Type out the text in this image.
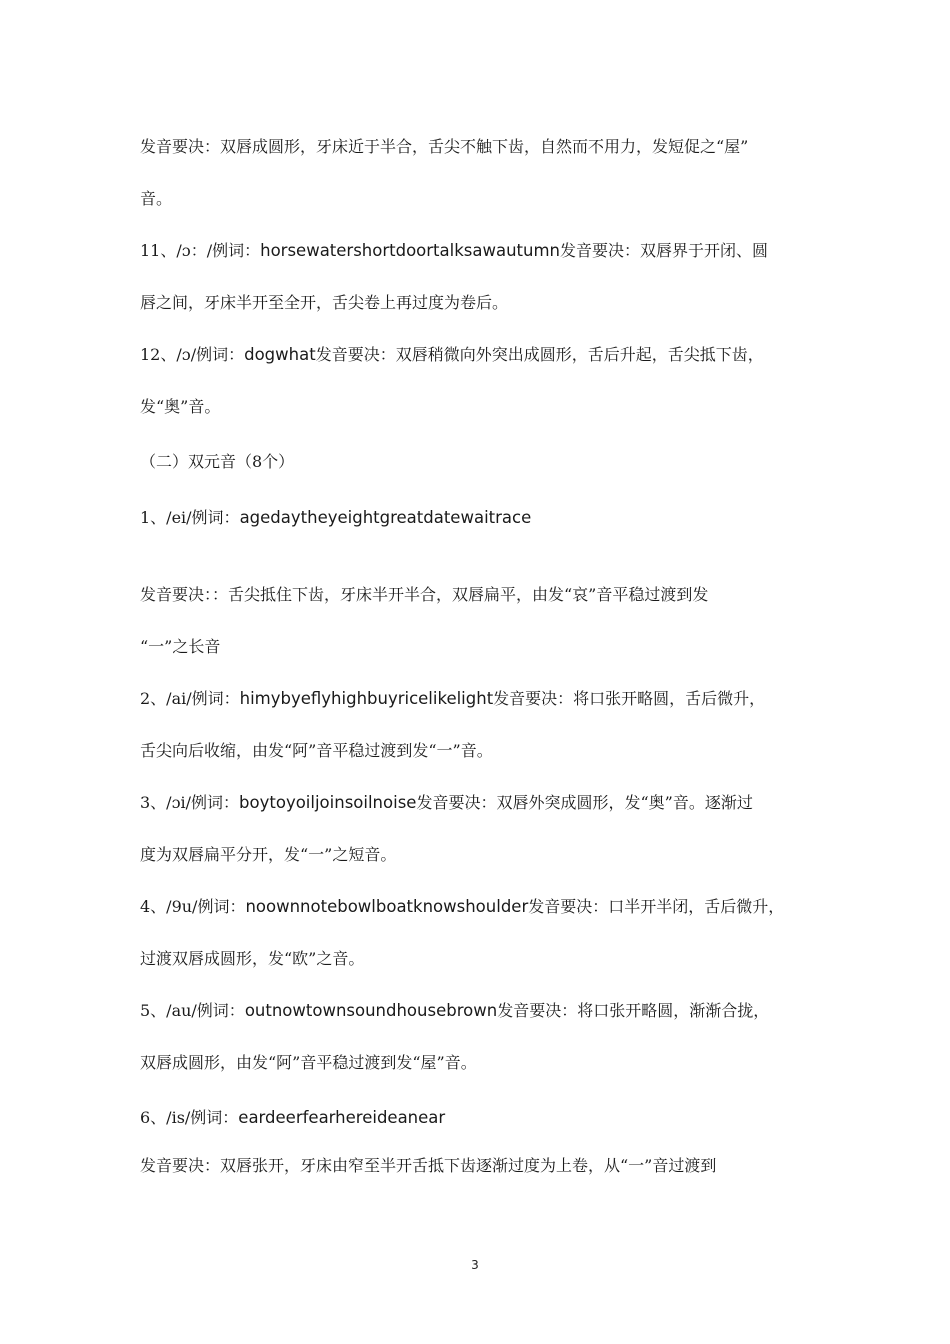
发音要决：双唇成圆形，牙床近于半合，舌尖不触下齿，自然而不用力，发短促之“屋”
音。
11、/ɔ：/例词：horsewatershortdoortalksawautumn发音要决：双唇界于开闭、圆
唇之间，牙床半开至全开，舌尖卷上再过度为卷后。
12、/ɔ/例词：dogwhat发音要决：双唇稍微向外突出成圆形，舌后升起，舌尖抵下齿，
发“奥”音。
（二）双元音（8个）
1、/ei/例词：agedaytheyeightgreatdatewaitrace
发音要决：：舌尖抵住下齿，牙床半开半合，双唇扁平，由发“哀”音平稳过渡到发
“一”之长音
2、/ai/例词：himybyeflyhighbuyricelikelight发音要决：将口张开略圆，舌后微升，
舌尖向后收缩，由发“阿”音平稳过渡到发“一”音。
3、/ɔi/例词：boytoyoiljoinsoilnoise发音要决：双唇外突成圆形，发“奥”音。逐渐过
度为双唇扁平分开，发“一”之短音。
4、/9u/例词：noownnotebowlboatknowshoulder发音要决：口半开半闭，舌后微升，
过渡双唇成圆形，发“欧”之音。
5、/au/例词：outnowtownsoundhousebrown发音要决：将口张开略圆，渐渐合拢，
双唇成圆形，由发“阿”音平稳过渡到发“屋”音。
6、/is/例词：eardeerfearhereideanear
发音要决：双唇张开，牙床由窄至半开舌抵下齿逐渐过度为上卷，从“一”音过渡到
3
